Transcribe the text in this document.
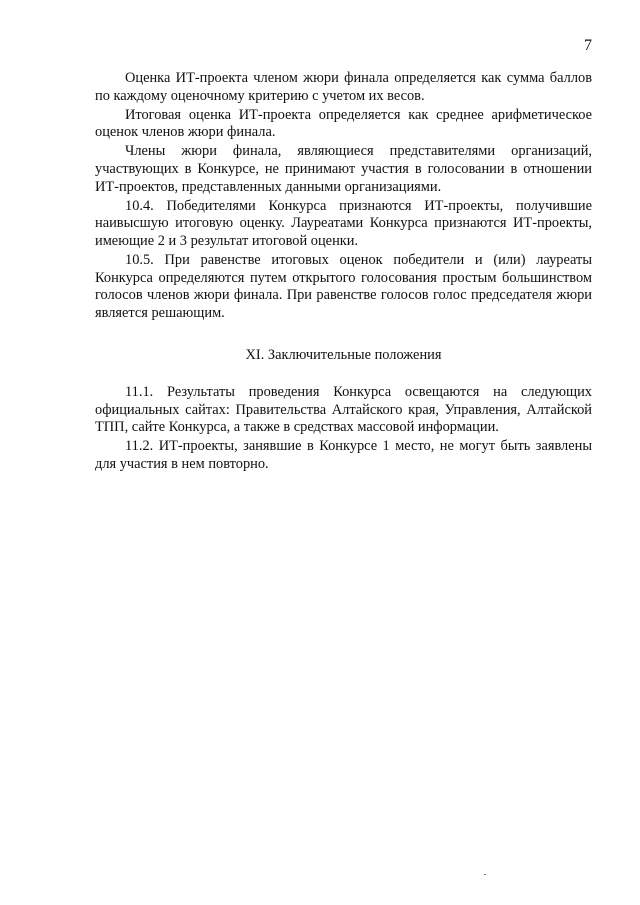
7

Оценка ИТ-проекта членом жюри финала определяется как сумма баллов по каждому оценочному критерию с учетом их весов.

Итоговая оценка ИТ-проекта определяется как среднее арифметическое оценок членов жюри финала.

Члены жюри финала, являющиеся представителями организаций, участвующих в Конкурсе, не принимают участия в голосовании в отношении ИТ-проектов, представленных данными организациями.

10.4. Победителями Конкурса признаются ИТ-проекты, получившие наивысшую итоговую оценку. Лауреатами Конкурса признаются ИТ-проекты, имеющие 2 и 3 результат итоговой оценки.

10.5. При равенстве итоговых оценок победители и (или) лауреаты Конкурса определяются путем открытого голосования простым большинством голосов членов жюри финала. При равенстве голосов голос председателя жюри является решающим.

XI. Заключительные положения

11.1. Результаты проведения Конкурса освещаются на следующих официальных сайтах: Правительства Алтайского края, Управления, Алтайской ТПП, сайте Конкурса, а также в средствах массовой информации.

11.2. ИТ-проекты, занявшие в Конкурсе 1 место, не могут быть заявлены для участия в нем повторно.
